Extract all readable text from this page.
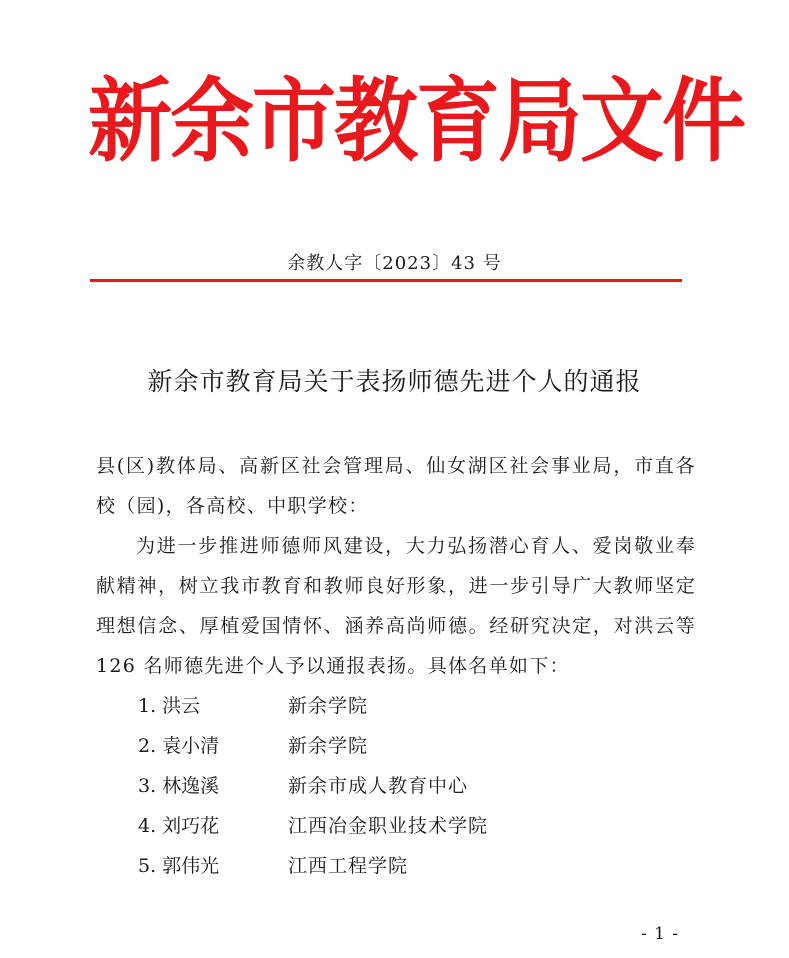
新余市教育局文件
余教人字〔2023〕43 号
新余市教育局关于表扬师德先进个人的通报

县(区)教体局、高新区社会管理局、仙女湖区社会事业局，市直各校（园)，各高校、中职学校：

为进一步推进师德师风建设，大力弘扬潜心育人、爱岗敬业奉献精神，树立我市教育和教师良好形象，进一步引导广大教师坚定理想信念、厚植爱国情怀、涵养高尚师德。经研究决定，对洪云等 126 名师德先进个人予以通报表扬。具体名单如下：

1. 洪云	新余学院
2. 袁小清	新余学院
3. 林逸溪	新余市成人教育中心
4. 刘巧花	江西冶金职业技术学院
5. 郭伟光	江西工程学院
- 1 -
